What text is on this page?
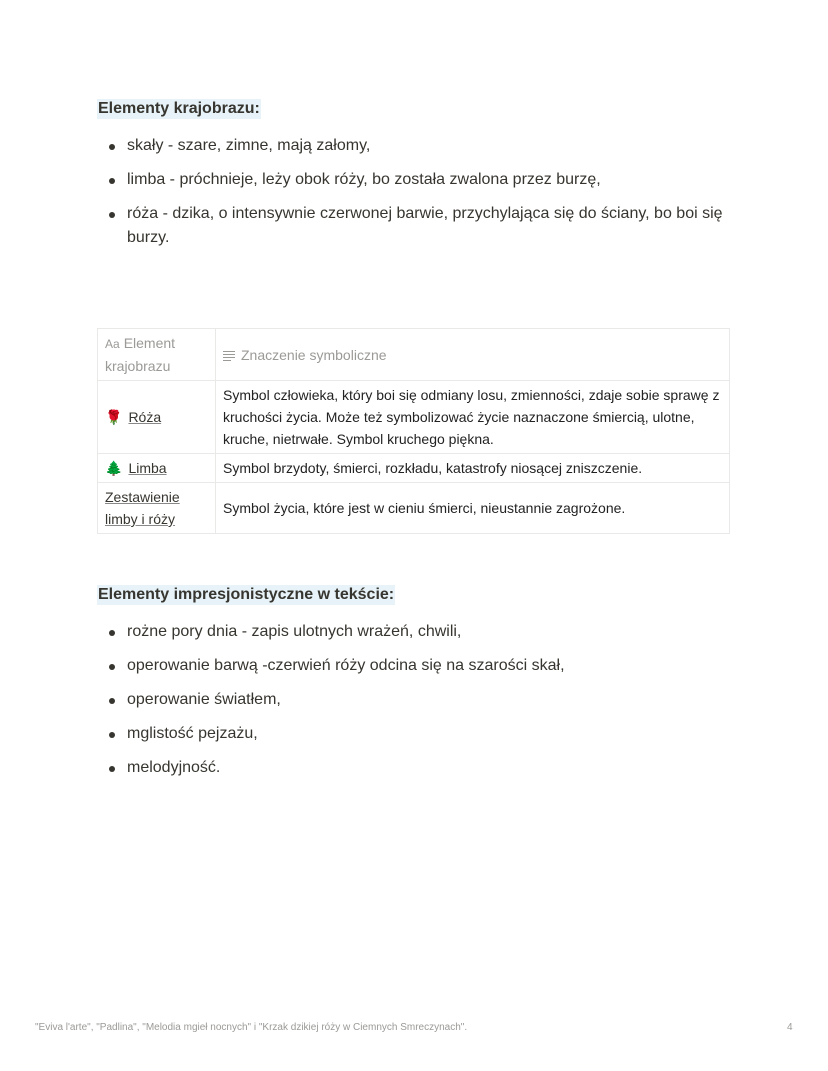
Elementy krajobrazu:
skały - szare, zimne, mają załomy,
limba - próchnieje, leży obok róży, bo została zwalona przez burzę,
róża - dzika, o intensywnie czerwonej barwie, przychylająca się do ściany, bo boi się burzy.
Aa Element krajobrazu	Znaczenie symboliczne
🌹 Róża	Symbol człowieka, który boi się odmiany losu, zmienności, zdaje sobie sprawę z kruchości życia. Może też symbolizować życie naznaczone śmiercią, ulotne, kruche, nietrwałe. Symbol kruchego piękna.
🌲 Limba	Symbol brzydoty, śmierci, rozkładu, katastrofy niosącej zniszczenie.
Zestawienie limby i róży	Symbol życia, które jest w cieniu śmierci, nieustannie zagrożone.
Elementy impresjonistyczne w tekście:
rożne pory dnia - zapis ulotnych wrażeń, chwili,
operowanie barwą -czerwień róży odcina się na szarości skał,
operowanie światłem,
mglistość pejzażu,
melodyjność.
"Eviva l'arte", "Padlina", "Melodia mgieł nocnych" i "Krzak dzikiej róży w Ciemnych Smreczynach".	4
